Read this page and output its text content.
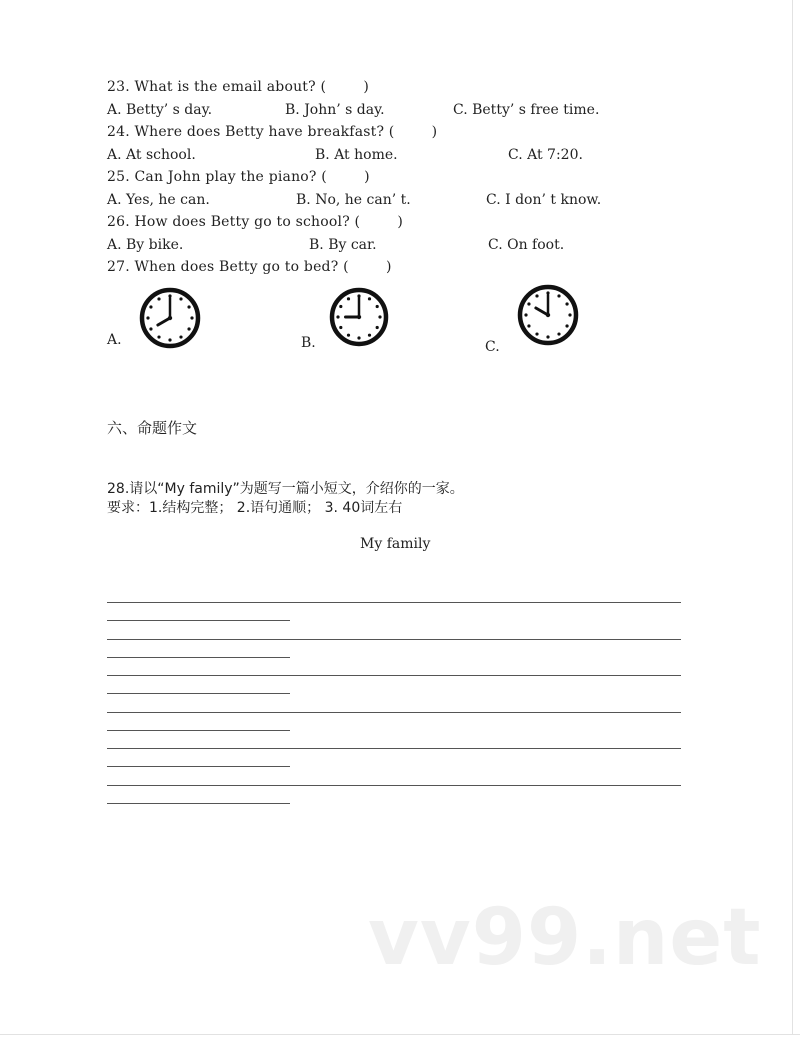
23. What is the email about? (        )
A. Betty’ s day.	B. John’ s day.	C. Betty’ s free time.
24. Where does Betty have breakfast? (        )
A. At school.	B. At home.	C. At 7:20.
25. Can John play the piano? (        )
A. Yes, he can.	B. No, he can’ t.	C. I don’ t know.
26. How does Betty go to school? (        )
A. By bike.	B. By car.	C. On foot.
27. When does Betty go to bed? (        )
A.	B.	C.
六、命题作文
28.请以“My family”为题写一篇小短文，介绍你的一家。
要求：1.结构完整； 2.语句通顺； 3. 40词左右
My family
vv99.net
